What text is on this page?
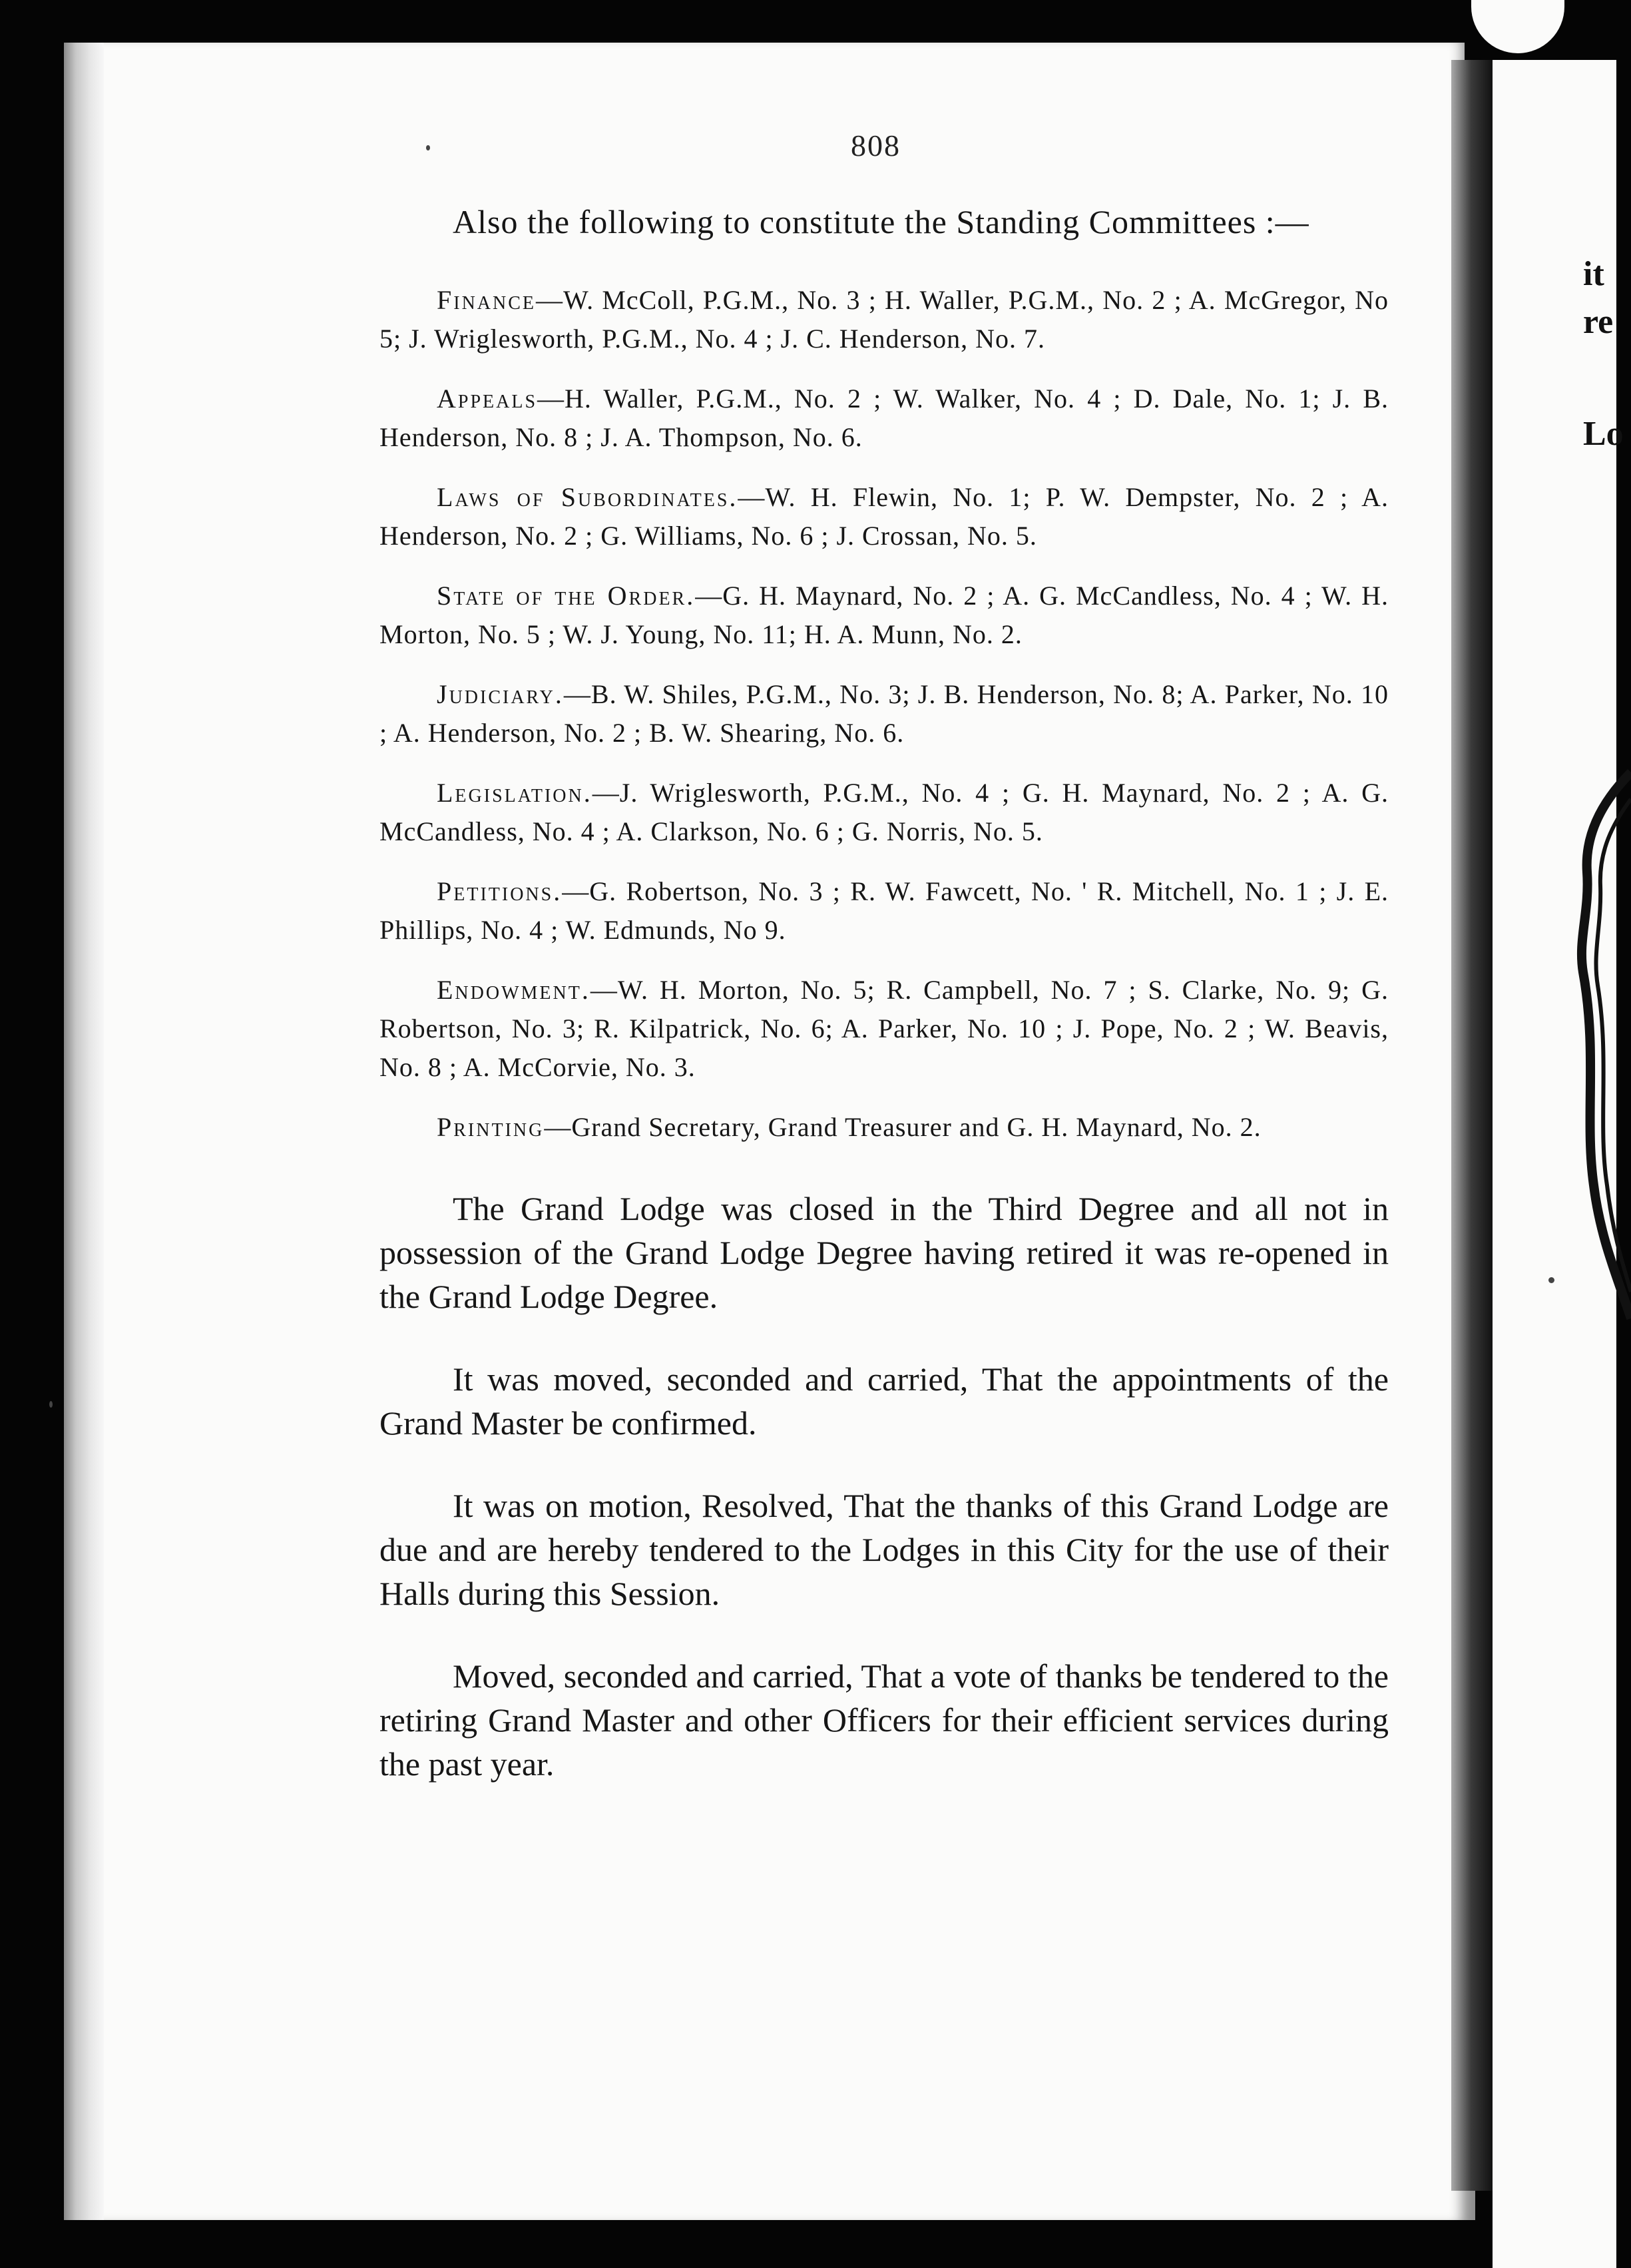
it
re
Lo
808

Also the following to constitute the Standing Committees :—

Finance—W. McColl, P.G.M., No. 3 ; H. Waller, P.G.M., No. 2 ; A. McGregor, No 5; J. Wriglesworth, P.G.M., No. 4 ; J. C. Henderson, No. 7.

Appeals—H. Waller, P.G.M., No. 2 ; W. Walker, No. 4 ; D. Dale, No. 1; J. B. Henderson, No. 8 ; J. A. Thompson, No. 6.

Laws of Subordinates.—W. H. Flewin, No. 1; P. W. Dempster, No. 2 ; A. Henderson, No. 2 ; G. Williams, No. 6 ; J. Crossan, No. 5.

State of the Order.—G. H. Maynard, No. 2 ; A. G. McCandless, No. 4 ; W. H. Morton, No. 5 ; W. J. Young, No. 11; H. A. Munn, No. 2.

Judiciary.—B. W. Shiles, P.G.M., No. 3; J. B. Henderson, No. 8; A. Parker, No. 10 ; A. Henderson, No. 2 ; B. W. Shearing, No. 6.

Legislation.—J. Wriglesworth, P.G.M., No. 4 ; G. H. Maynard, No. 2 ; A. G. McCandless, No. 4 ; A. Clarkson, No. 6 ; G. Norris, No. 5.

Petitions.—G. Robertson, No. 3 ; R. W. Fawcett, No. ' R. Mitchell, No. 1 ; J. E. Phillips, No. 4 ; W. Edmunds, No 9.

Endowment.—W. H. Morton, No. 5; R. Campbell, No. 7 ; S. Clarke, No. 9; G. Robertson, No. 3; R. Kilpatrick, No. 6; A. Parker, No. 10 ; J. Pope, No. 2 ; W. Beavis, No. 8 ; A. McCorvie, No. 3.

Printing—Grand Secretary, Grand Treasurer and G. H. Maynard, No. 2.

The Grand Lodge was closed in the Third Degree and all not in possession of the Grand Lodge Degree having retired it was re-opened in the Grand Lodge Degree.

It was moved, seconded and carried, That the appointments of the Grand Master be confirmed.

It was on motion, Resolved, That the thanks of this Grand Lodge are due and are hereby tendered to the Lodges in this City for the use of their Halls during this Session.

Moved, seconded and carried, That a vote of thanks be tendered to the retiring Grand Master and other Officers for their efficient services during the past year.
